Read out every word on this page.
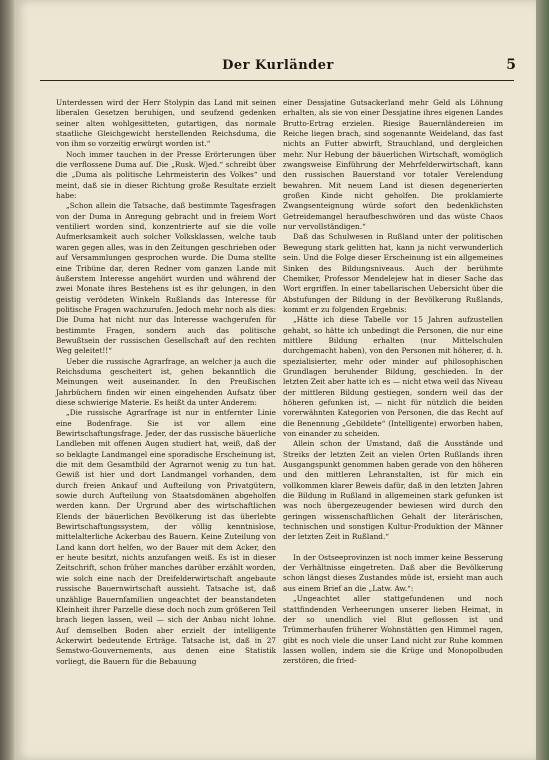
Der Kurländer	5

Unterdessen wird der Herr Stolypin das Land mit seinen liberalen Gesetzen beruhigen, und seufzend gedenken seiner alten wohlgesitteten, gutartigen, das normale staatliche Gleichgewicht herstellenden Reichsduma, die von ihm so vorzeitig erwürgt worden ist.“

Noch immer tauchen in der Presse Erörterungen über die verflossene Duma auf. Die „Rusk. Wjed.“ schreibt über die „Duma als politische Lehrmeisterin des Volkes“ und meint, daß sie in dieser Richtung große Resultate erzielt habe:

„Schon allein die Tatsache, daß bestimmte Tagesfragen von der Duma in Anregung gebracht und in freiem Wort ventiliert worden sind, konzentrierte auf sie die volle Aufmerksamkeit auch solcher Volksklassen, welche taub waren gegen alles, was in den Zeitungen geschrieben oder auf Versammlungen gesprochen wurde. Die Duma stellte eine Tribüne dar, deren Redner vom ganzen Lande mit äußerstem Interesse angehört wurden und während der zwei Monate ihres Bestehens ist es ihr gelungen, in den geistig verödeten Winkeln Rußlands das Interesse für politische Fragen wachzurufen. Jedoch mehr noch als dies: Die Duma hat nicht nur das Interesse wachgerufen für bestimmte Fragen, sondern auch das politische Bewußtsein der russischen Gesellschaft auf den rechten Weg geleitet!!“

Ueber die russische Agrarfrage, an welcher ja auch die Reichsduma gescheitert ist, gehen bekanntlich die Meinungen weit auseinander. In den Preußischen Jahrbüchern finden wir einen eingehenden Aufsatz über diese schwierige Materie. Es heißt da unter Anderem:

„Die russische Agrarfrage ist nur in entfernter Linie eine Bodenfrage. Sie ist vor allem eine Bewirtschaftungsfrage. Jeder, der das russische bäuerliche Landleben mit offenen Augen studiert hat, weiß, daß der so beklagte Landmangel eine sporadische Erscheinung ist, die mit dem Gesamtbild der Agrarnot wenig zu tun hat. Gewiß ist hier und dort Landmangel vorhanden, dem durch freien Ankauf und Aufteilung von Privatgütern, sowie durch Aufteilung von Staatsdomänen abgeholfen werden kann. Der Urgrund aber des wirtschaftlichen Elends der bäuerlichen Bevölkerung ist das überlebte Bewirtschaftungssystem, der völlig kenntnislose, mittelalterliche Ackerbau des Bauern. Keine Zuteilung von Land kann dort helfen, wo der Bauer mit dem Acker, den er heute besitzt, nichts anzufangen weiß. Es ist in dieser Zeitschrift, schon früher manches darüber erzählt worden, wie solch eine nach der Dreifelderwirtschaft angebaute russische Bauernwirtschaft aussieht. Tatsache ist, daß unzählige Bauernfamilien ungeachtet der beanstandeten Kleinheit ihrer Parzelle diese doch noch zum größeren Teil brach liegen lassen, weil — sich der Anbau nicht lohne. Auf demselben Boden aber erzielt der intelligente Ackerwirt bedeutende Erträge. Tatsache ist, daß in 27 Semstwo-Gouvernements, aus denen eine Statistik vorliegt, die Bauern für die Bebauung

einer Dessjatine Gutsackerland mehr Geld als Löhnung erhalten, als sie von einer Dessjatine ihres eigenen Landes Brutto-Ertrag erzielen. Riesige Bauernländereien im Reiche liegen brach, sind sogenannte Weideland, das fast nichts an Futter abwirft, Strauchland, und dergleichen mehr. Nur Hebung der bäuerlichen Wirtschaft, womöglich zwangsweise Einführung der Mehrfelderwirtschaft, kann den russischen Bauerstand vor totaler Verelendung bewahren. Mit neuem Land ist diesen degenerierten großen Kinde nicht geholfen. Die proklamierte Zwangsenteignung würde sofort den bedenklichsten Getreidemangel heraufbeschwören und das wüste Chaos nur vervollständigen.“

Daß das Schulwesen in Rußland unter der politischen Bewegung stark gelitten hat, kann ja nicht verwunderlich sein. Und die Folge dieser Erscheinung ist ein allgemeines Sinken des Bildungsniveaus. Auch der berühmte Chemiker, Professor Mendelejew hat in dieser Sache das Wort ergriffen. In einer tabellarischen Uebersicht über die Abstufungen der Bildung in der Bevölkerung Rußlands, kommt er zu folgenden Ergebnis:

„Hätte ich diese Tabelle vor 15 Jahren aufzustellen gehabt, so hätte ich unbedingt die Personen, die nur eine mittlere Bildung erhalten (nur Mittelschulen durchgemacht haben), von den Personen mit höherer, d. h. spezialisierter, mehr oder minder auf philosophischen Grundlagen beruhender Bildung, geschieden. In der letzten Zeit aber hatte ich es — nicht etwa weil das Niveau der mittleren Bildung gestiegen, sondern weil das der höheren gefunken ist, — nicht für nützlich die beiden vorerwähnten Kategorien von Personen, die das Recht auf die Benennung „Gebildete“ (Intelligente) erworben haben, von einander zu scheiden.

Allein schon der Umstand, daß die Ausstände und Streiks der letzten Zeit an vielen Orten Rußlands ihren Ausgangspunkt genommen haben gerade von den höheren und den mittleren Lehranstalten, ist für mich ein vollkommen klarer Beweis dafür, daß in den letzten Jahren die Bildung in Rußland in allgemeinen stark gefunken ist was noch übergezeugender bewiesen wird durch den geringen wissenschaftlichen Gehalt der literärischen, technischen und sonstigen Kultur-Produktion der Männer der letzten Zeit in Rußland.“

In der Ostseeprovinzen ist noch immer keine Besserung der Verhältnisse eingetreten. Daß aber die Bevölkerung schon längst dieses Zustandes müde ist, ersieht man auch aus einem Brief an die „Latw. Aw.“:

„Ungeachtet aller stattgefundenen und noch stattfindenden Verheerungen unserer lieben Heimat, in der so unendlich viel Blut geflossen ist und Trümmerhaufen früherer Wohnstätten gen Himmel ragen, gibt es noch viele die unser Land nicht zur Ruhe kommen lassen wollen, indem sie die Krüge und Monopolbuden zerstören, die fried-
